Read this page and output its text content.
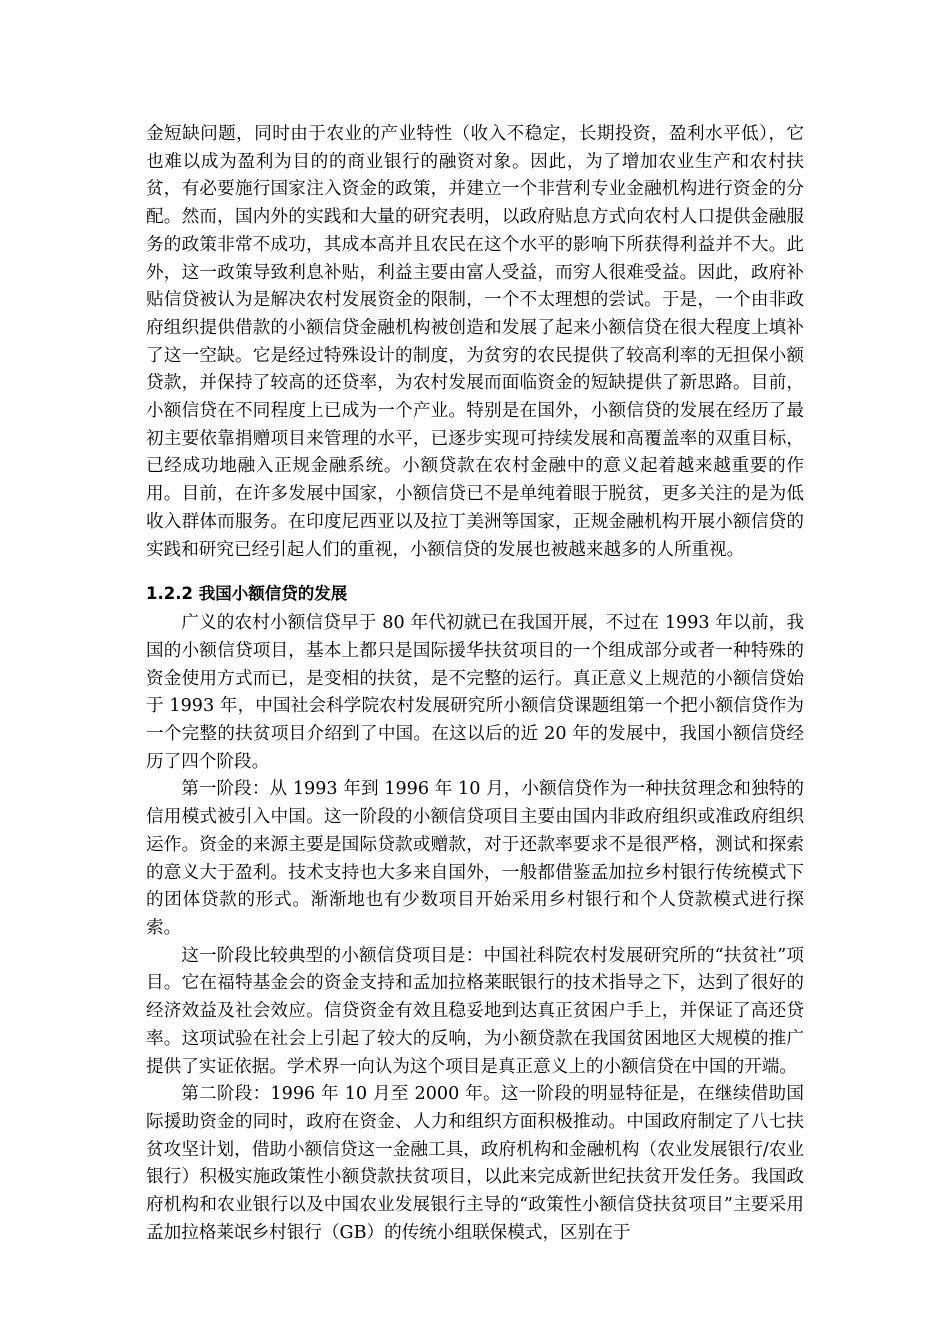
金短缺问题，同时由于农业的产业特性（收入不稳定，长期投资，盈利水平低），它也难以成为盈利为目的的商业银行的融资对象。因此，为了增加农业生产和农村扶贫，有必要施行国家注入资金的政策，并建立一个非营利专业金融机构进行资金的分配。然而，国内外的实践和大量的研究表明，以政府贴息方式向农村人口提供金融服务的政策非常不成功，其成本高并且农民在这个水平的影响下所获得利益并不大。此外，这一政策导致利息补贴，利益主要由富人受益，而穷人很难受益。因此，政府补贴信贷被认为是解决农村发展资金的限制，一个不太理想的尝试。于是，一个由非政府组织提供借款的小额信贷金融机构被创造和发展了起来小额信贷在很大程度上填补了这一空缺。它是经过特殊设计的制度，为贫穷的农民提供了较高利率的无担保小额贷款，并保持了较高的还贷率，为农村发展而面临资金的短缺提供了新思路。目前，小额信贷在不同程度上已成为一个产业。特别是在国外，小额信贷的发展在经历了最初主要依靠捐赠项目来管理的水平，已逐步实现可持续发展和高覆盖率的双重目标，已经成功地融入正规金融系统。小额贷款在农村金融中的意义起着越来越重要的作用。目前，在许多发展中国家，小额信贷已不是单纯着眼于脱贫，更多关注的是为低收入群体而服务。在印度尼西亚以及拉丁美洲等国家，正规金融机构开展小额信贷的实践和研究已经引起人们的重视，小额信贷的发展也被越来越多的人所重视。

1.2.2 我国小额信贷的发展

广义的农村小额信贷早于 80 年代初就已在我国开展，不过在 1993 年以前，我国的小额信贷项目，基本上都只是国际援华扶贫项目的一个组成部分或者一种特殊的资金使用方式而已，是变相的扶贫，是不完整的运行。真正意义上规范的小额信贷始于 1993 年，中国社会科学院农村发展研究所小额信贷课题组第一个把小额信贷作为一个完整的扶贫项目介绍到了中国。在这以后的近 20 年的发展中，我国小额信贷经历了四个阶段。

第一阶段：从 1993 年到 1996 年 10 月，小额信贷作为一种扶贫理念和独特的信用模式被引入中国。这一阶段的小额信贷项目主要由国内非政府组织或准政府组织运作。资金的来源主要是国际贷款或赠款，对于还款率要求不是很严格，测试和探索的意义大于盈利。技术支持也大多来自国外，一般都借鉴孟加拉乡村银行传统模式下的团体贷款的形式。渐渐地也有少数项目开始采用乡村银行和个人贷款模式进行探索。

这一阶段比较典型的小额信贷项目是：中国社科院农村发展研究所的“扶贫社”项目。它在福特基金会的资金支持和孟加拉格莱眠银行的技术指导之下，达到了很好的经济效益及社会效应。信贷资金有效且稳妥地到达真正贫困户手上，并保证了高还贷率。这项试验在社会上引起了较大的反响，为小额贷款在我国贫困地区大规模的推广提供了实证依据。学术界一向认为这个项目是真正意义上的小额信贷在中国的开端。

第二阶段：1996 年 10 月至 2000 年。这一阶段的明显特征是，在继续借助国际援助资金的同时，政府在资金、人力和组织方面积极推动。中国政府制定了八七扶贫攻坚计划，借助小额信贷这一金融工具，政府机构和金融机构（农业发展银行/农业银行）积极实施政策性小额贷款扶贫项目，以此来完成新世纪扶贫开发任务。我国政府机构和农业银行以及中国农业发展银行主导的“政策性小额信贷扶贫项目”主要采用孟加拉格莱氓乡村银行（GB）的传统小组联保模式，区别在于
